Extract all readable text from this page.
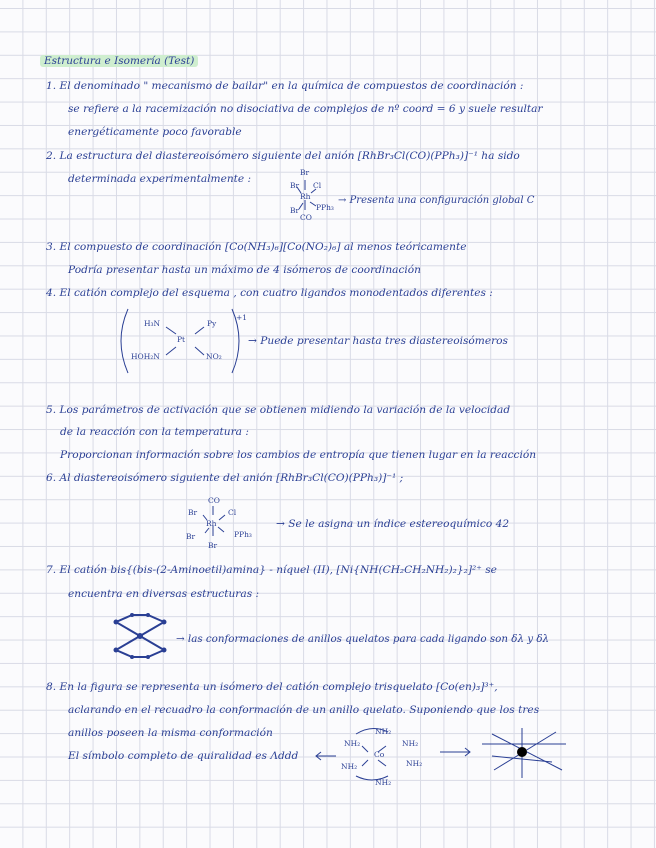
Estructura e Isomería (Test)
1. El denominado " mecanismo de bailar" en la química de compuestos de coordinación :
se refiere a la racemización no disociativa de complejos de nº coord = 6 y suele resultar
energéticamente poco favorable
2. La estructura del diastereoisómero siguiente del anión [RhBr₃Cl(CO)(PPh₃)]⁻¹ ha sido
determinada experimentalmente :
Br
Br Cl
Rh
Br PPh₃
CO
→ Presenta una configuración global C
3. El compuesto de coordinación [Co(NH₃)₆][Co(NO₂)₆] al menos teóricamente
Podría presentar hasta un máximo de 4 isómeros de coordinación
4. El catión complejo del esquema , con cuatro ligandos monodentados diferentes :
+1
H₃N	Py
Pt
HOH₂N	NO₂
→ Puede presentar hasta tres diastereoisómeros
5. Los parámetros de activación que se obtienen midiendo la variación de la velocidad
de la reacción con la temperatura :
Proporcionan información sobre los cambios de entropía que tienen lugar en la reacción
6. Al diastereoisómero siguiente del anión [RhBr₃Cl(CO)(PPh₃)]⁻¹ ;
CO
Br	Cl
Rh
Br	PPh₃
Br
→ Se le asigna un índice estereoquímico 42
7. El catión bis{(bis-(2-Aminoetil)amina} - níquel (II), [Ni{NH(CH₂CH₂NH₂)₂}₂]²⁺ se
encuentra en diversas estructuras :
→ las conformaciones de anillos quelatos para cada ligando son δλ y δλ
8. En la figura se representa un isómero del catión complejo trisquelato [Co(en)₃]³⁺,
aclarando en el recuadro la conformación de un anillo quelato. Suponiendo que los tres
anillos poseen la misma conformación
El símbolo completo de quiralidad es Λddd
NH₂
NH₂	NH₂
Co
NH₂	NH₂
NH₂
